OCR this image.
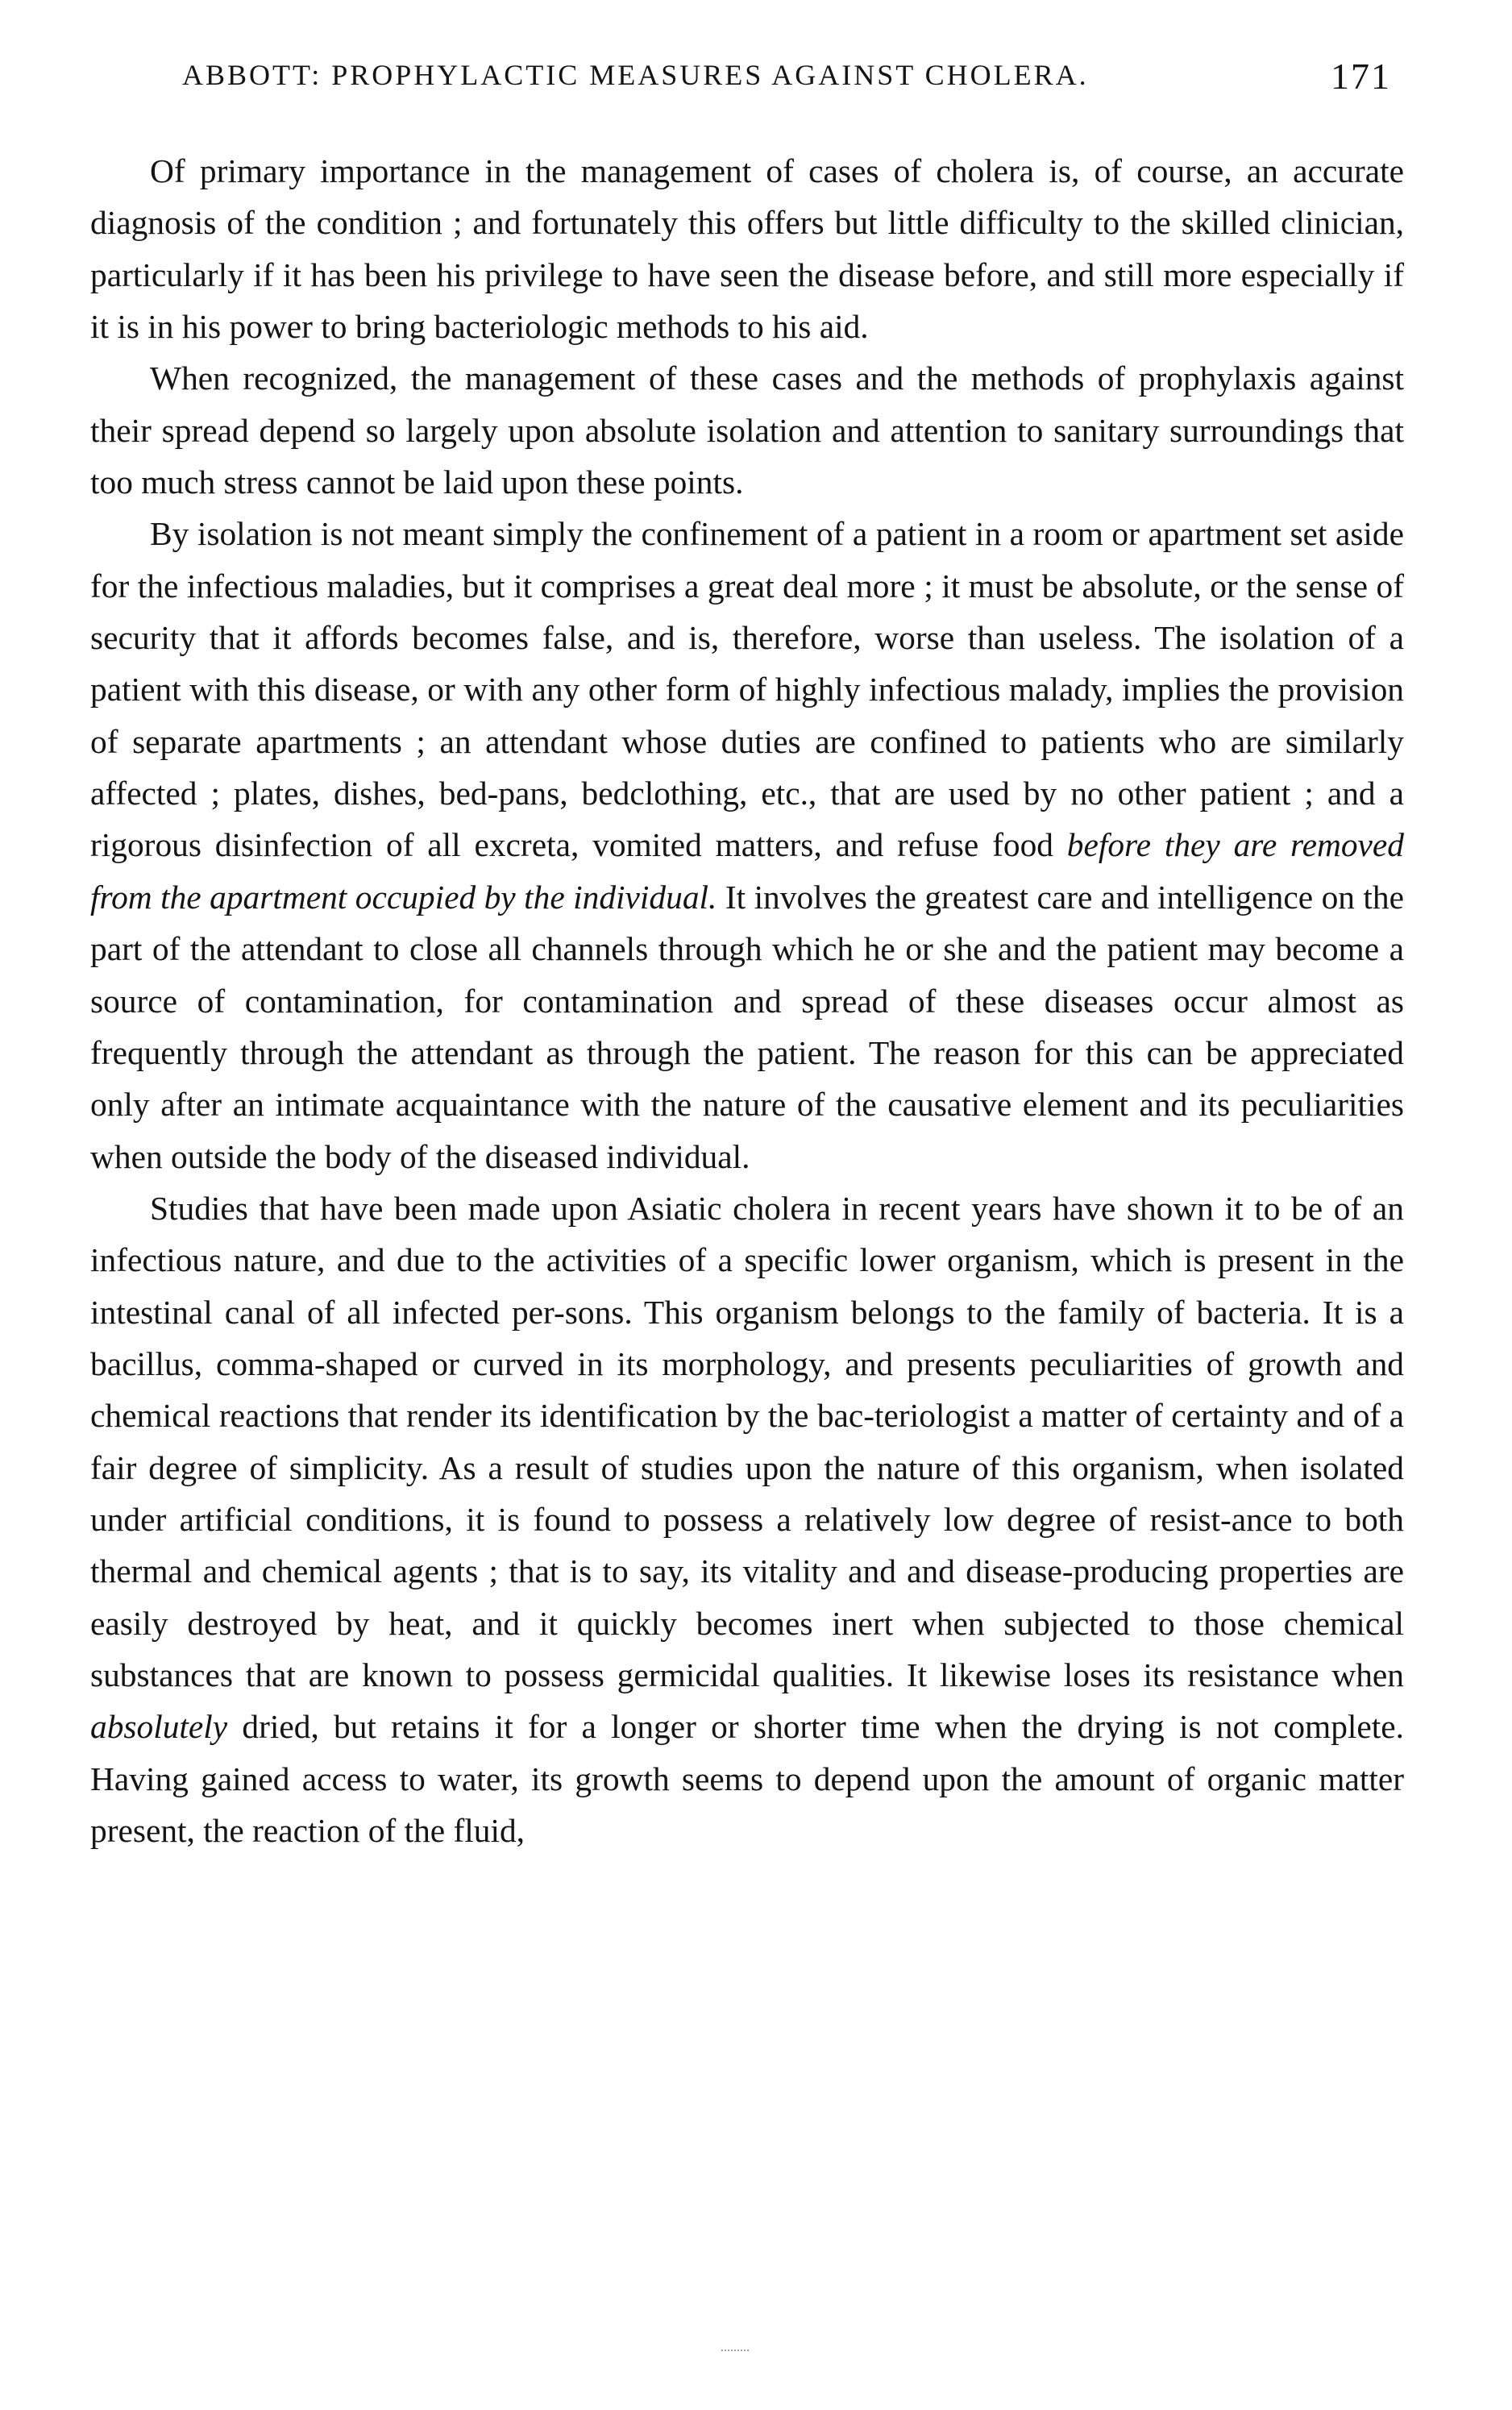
ABBOTT: PROPHYLACTIC MEASURES AGAINST CHOLERA.	171

Of primary importance in the management of cases of cholera is, of course, an accurate diagnosis of the condition ; and fortunately this offers but little difficulty to the skilled clinician, particularly if it has been his privilege to have seen the disease before, and still more especially if it is in his power to bring bacteriologic methods to his aid.

When recognized, the management of these cases and the methods of prophylaxis against their spread depend so largely upon absolute isolation and attention to sanitary surroundings that too much stress cannot be laid upon these points.

By isolation is not meant simply the confinement of a patient in a room or apartment set aside for the infectious maladies, but it comprises a great deal more ; it must be absolute, or the sense of security that it affords becomes false, and is, therefore, worse than useless. The isolation of a patient with this disease, or with any other form of highly infectious malady, implies the provision of separate apartments ; an attendant whose duties are confined to patients who are similarly affected ; plates, dishes, bed-pans, bedclothing, etc., that are used by no other patient ; and a rigorous disinfection of all excreta, vomited matters, and refuse food before they are removed from the apartment occupied by the individual. It involves the greatest care and intelligence on the part of the attendant to close all channels through which he or she and the patient may become a source of contamination, for contamination and spread of these diseases occur almost as frequently through the attendant as through the patient. The reason for this can be appreciated only after an intimate acquaintance with the nature of the causative element and its peculiarities when outside the body of the diseased individual.

Studies that have been made upon Asiatic cholera in recent years have shown it to be of an infectious nature, and due to the activities of a specific lower organism, which is present in the intestinal canal of all infected per-sons. This organism belongs to the family of bacteria. It is a bacillus, comma-shaped or curved in its morphology, and presents peculiarities of growth and chemical reactions that render its identification by the bac-teriologist a matter of certainty and of a fair degree of simplicity. As a result of studies upon the nature of this organism, when isolated under artificial conditions, it is found to possess a relatively low degree of resist-ance to both thermal and chemical agents ; that is to say, its vitality and and disease-producing properties are easily destroyed by heat, and it quickly becomes inert when subjected to those chemical substances that are known to possess germicidal qualities. It likewise loses its resistance when absolutely dried, but retains it for a longer or shorter time when the drying is not complete. Having gained access to water, its growth seems to depend upon the amount of organic matter present, the reaction of the fluid,
